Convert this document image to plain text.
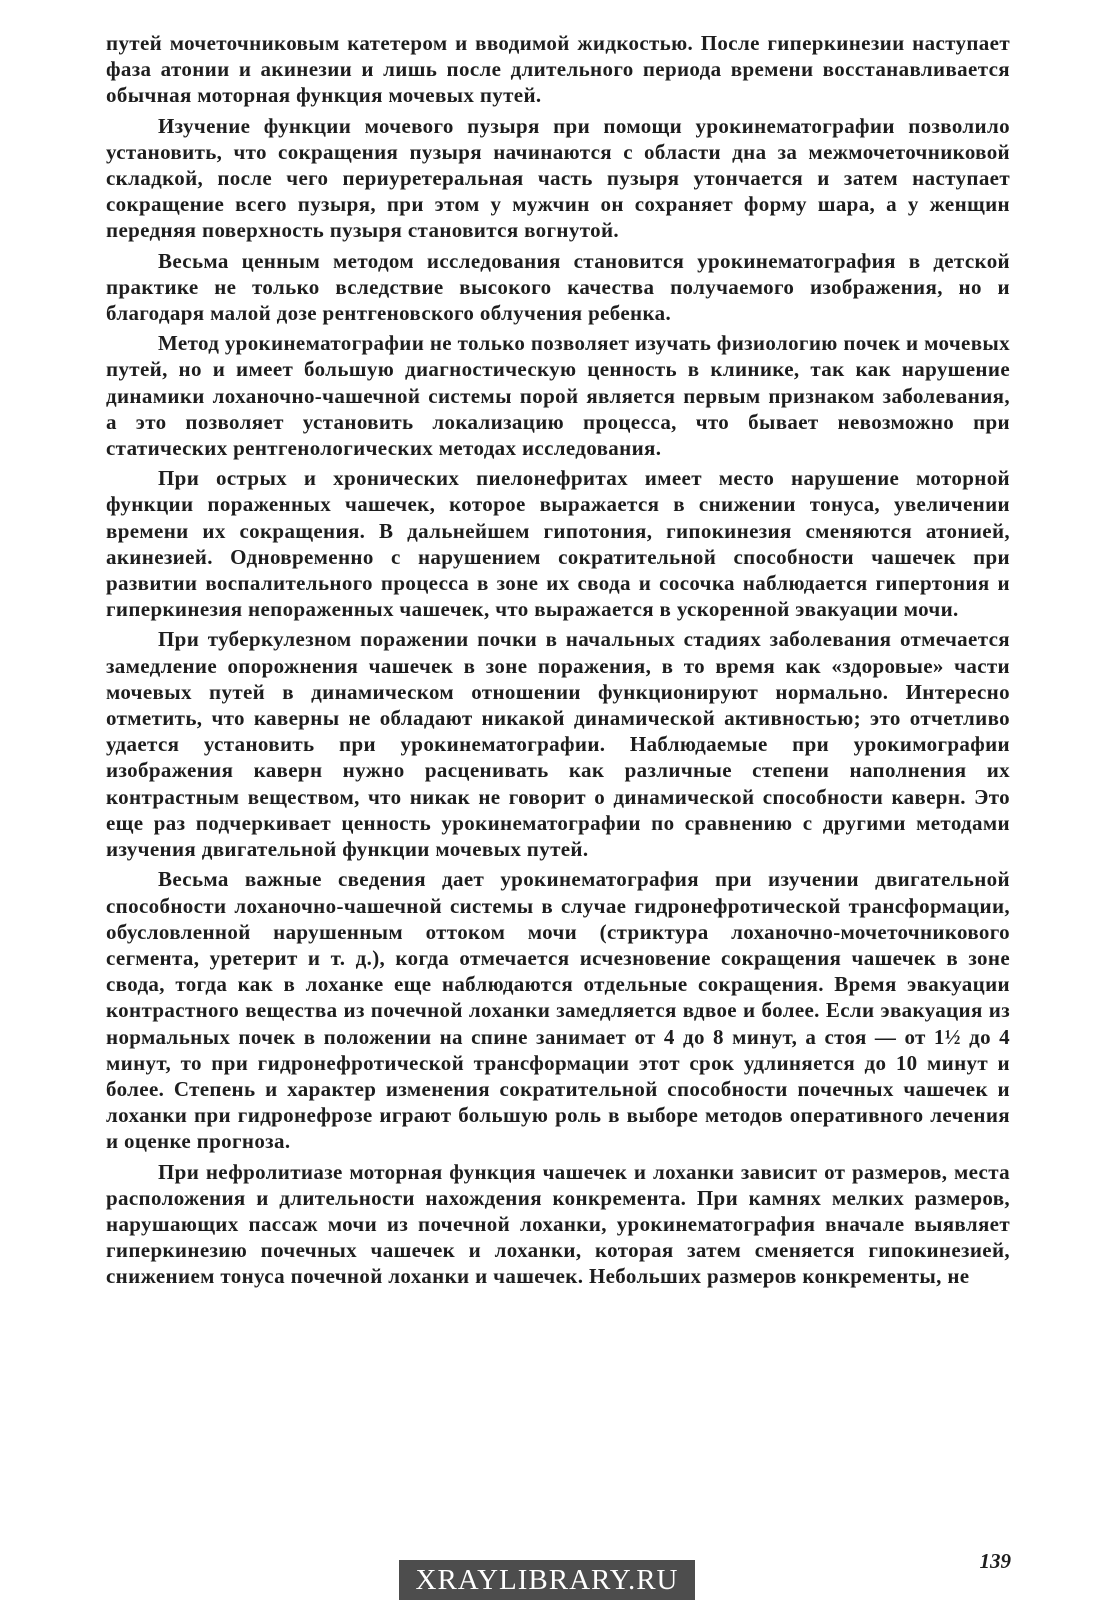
путей мочеточниковым катетером и вводимой жидкостью. После гиперкинезии наступает фаза атонии и акинезии и лишь после длительного периода времени восстанавливается обычная моторная функция мочевых путей.

Изучение функции мочевого пузыря при помощи урокинематографии позволило установить, что сокращения пузыря начинаются с области дна за межмочеточниковой складкой, после чего периуретеральная часть пузыря утончается и затем наступает сокращение всего пузыря, при этом у мужчин он сохраняет форму шара, а у женщин передняя поверхность пузыря становится вогнутой.

Весьма ценным методом исследования становится урокинематография в детской практике не только вследствие высокого качества получаемого изображения, но и благодаря малой дозе рентгеновского облучения ребенка.

Метод урокинематографии не только позволяет изучать физиологию почек и мочевых путей, но и имеет большую диагностическую ценность в клинике, так как нарушение динамики лоханочно-чашечной системы порой является первым признаком заболевания, а это позволяет установить локализацию процесса, что бывает невозможно при статических рентгенологических методах исследования.

При острых и хронических пиелонефритах имеет место нарушение моторной функции пораженных чашечек, которое выражается в снижении тонуса, увеличении времени их сокращения. В дальнейшем гипотония, гипокинезия сменяются атонией, акинезией. Одновременно с нарушением сократительной способности чашечек при развитии воспалительного процесса в зоне их свода и сосочка наблюдается гипертония и гиперкинезия непораженных чашечек, что выражается в ускоренной эвакуации мочи.

При туберкулезном поражении почки в начальных стадиях заболевания отмечается замедление опорожнения чашечек в зоне поражения, в то время как «здоровые» части мочевых путей в динамическом отношении функционируют нормально. Интересно отметить, что каверны не обладают никакой динамической активностью; это отчетливо удается установить при урокинематографии. Наблюдаемые при урокимографии изображения каверн нужно расценивать как различные степени наполнения их контрастным веществом, что никак не говорит о динамической способности каверн. Это еще раз подчеркивает ценность урокинематографии по сравнению с другими методами изучения двигательной функции мочевых путей.

Весьма важные сведения дает урокинематография при изучении двигательной способности лоханочно-чашечной системы в случае гидронефротической трансформации, обусловленной нарушенным оттоком мочи (стриктура лоханочно-мочеточникового сегмента, уретерит и т. д.), когда отмечается исчезновение сокращения чашечек в зоне свода, тогда как в лоханке еще наблюдаются отдельные сокращения. Время эвакуации контрастного вещества из почечной лоханки замедляется вдвое и более. Если эвакуация из нормальных почек в положении на спине занимает от 4 до 8 минут, а стоя — от 1½ до 4 минут, то при гидронефротической трансформации этот срок удлиняется до 10 минут и более. Степень и характер изменения сократительной способности почечных чашечек и лоханки при гидронефрозе играют большую роль в выборе методов оперативного лечения и оценке прогноза.

При нефролитиазе моторная функция чашечек и лоханки зависит от размеров, места расположения и длительности нахождения конкремента. При камнях мелких размеров, нарушающих пассаж мочи из почечной лоханки, урокинематография вначале выявляет гиперкинезию почечных чашечек и лоханки, которая затем сменяется гипокинезией, снижением тонуса почечной лоханки и чашечек. Небольших размеров конкременты, не

139
XRAYLIBRARY.RU
